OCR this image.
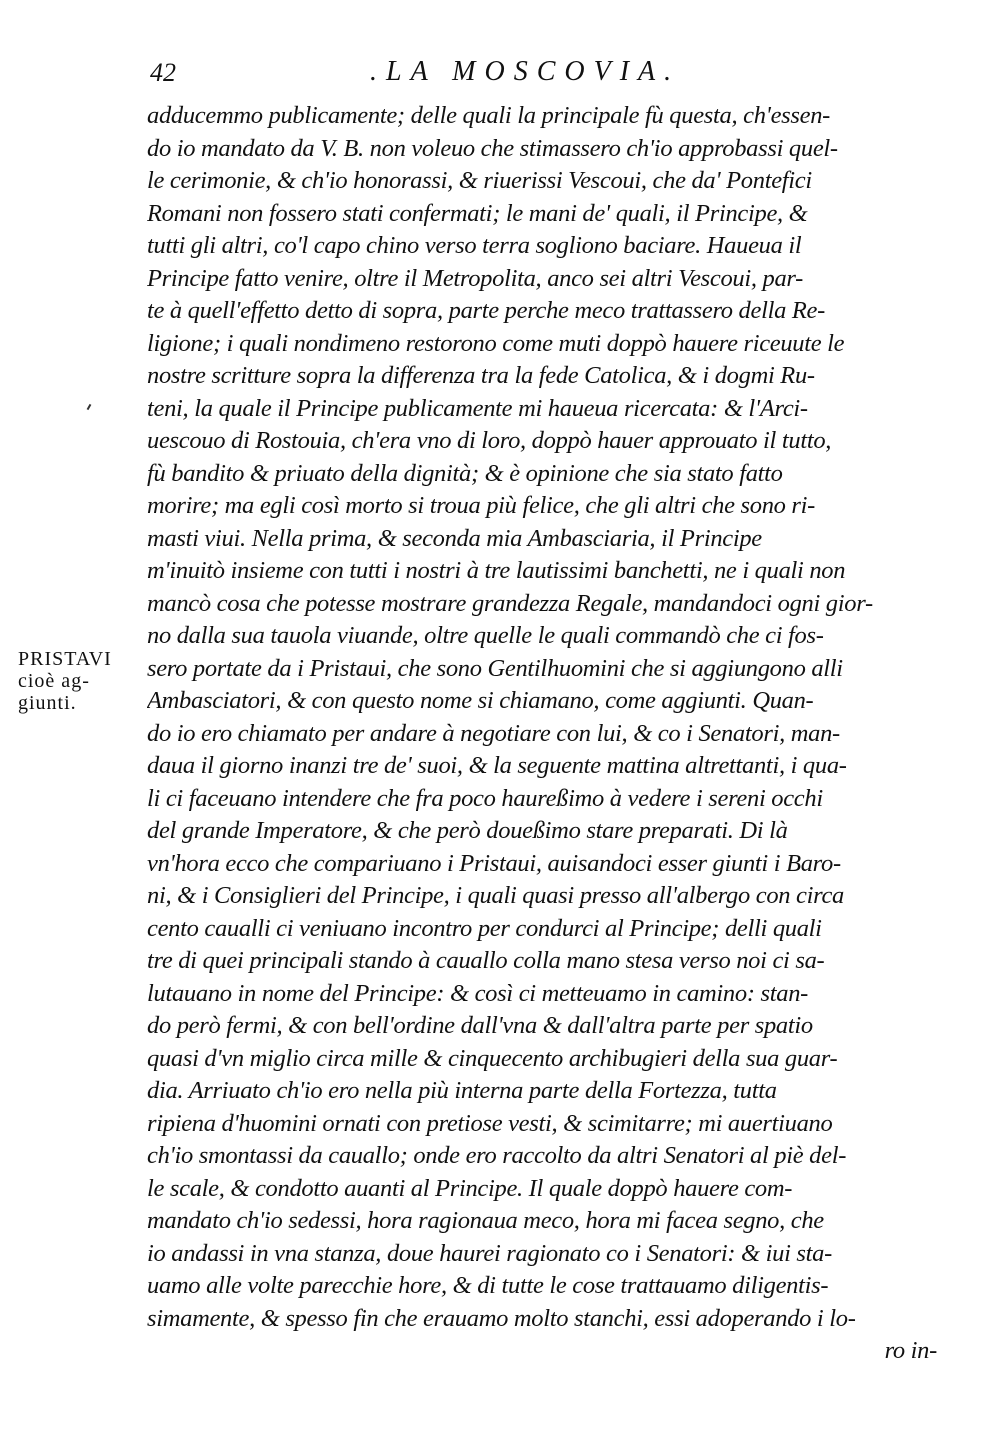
42	.LA MOSCOVIA.
PRISTAVI
cioè ag-
giunti.
adducemmo publicamente; delle quali la principale fù questa, ch'essen-
do io mandato da V. B. non voleuo che stimassero ch'io approbassi quel-
le cerimonie, & ch'io honorassi, & riuerissi Vescoui, che da' Pontefici
Romani non fossero stati confermati; le mani de' quali, il Principe, &
tutti gli altri, co'l capo chino verso terra sogliono baciare. Haueua il
Principe fatto venire, oltre il Metropolita, anco sei altri Vescoui, par-
te à quell'effetto detto di sopra, parte perche meco trattassero della Re-
ligione; i quali nondimeno restorono come muti doppò hauere riceuute le
nostre scritture sopra la differenza tra la fede Catolica, & i dogmi Ru-
teni, la quale il Principe publicamente mi haueua ricercata: & l'Arci-
uescouo di Rostouia, ch'era vno di loro, doppò hauer approuato il tutto,
fù bandito & priuato della dignità; & è opinione che sia stato fatto
morire; ma egli così morto si troua più felice, che gli altri che sono ri-
masti viui. Nella prima, & seconda mia Ambasciaria, il Principe
m'inuitò insieme con tutti i nostri à tre lautissimi banchetti, ne i quali non
mancò cosa che potesse mostrare grandezza Regale, mandandoci ogni gior-
no dalla sua tauola viuande, oltre quelle le quali commandò che ci fos-
sero portate da i Pristaui, che sono Gentilhuomini che si aggiungono alli
Ambasciatori, & con questo nome si chiamano, come aggiunti. Quan-
do io ero chiamato per andare à negotiare con lui, & co i Senatori, man-
daua il giorno inanzi tre de' suoi, & la seguente mattina altrettanti, i qua-
li ci faceuano intendere che fra poco haureßimo à vedere i sereni occhi
del grande Imperatore, & che però doueßimo stare preparati. Di là
vn'hora ecco che compariuano i Pristaui, auisandoci esser giunti i Baro-
ni, & i Consiglieri del Principe, i quali quasi presso all'albergo con circa
cento caualli ci veniuano incontro per condurci al Principe; delli quali
tre di quei principali stando à cauallo colla mano stesa verso noi ci sa-
lutauano in nome del Principe: & così ci metteuamo in camino: stan-
do però fermi, & con bell'ordine dall'vna & dall'altra parte per spatio
quasi d'vn miglio circa mille & cinquecento archibugieri della sua guar-
dia. Arriuato ch'io ero nella più interna parte della Fortezza, tutta
ripiena d'huomini ornati con pretiose vesti, & scimitarre; mi auertiuano
ch'io smontassi da cauallo; onde ero raccolto da altri Senatori al piè del-
le scale, & condotto auanti al Principe. Il quale doppò hauere com-
mandato ch'io sedessi, hora ragionaua meco, hora mi facea segno, che
io andassi in vna stanza, doue haurei ragionato co i Senatori: & iui sta-
uamo alle volte parecchie hore, & di tutte le cose trattauamo diligentis-
simamente, & spesso fin che erauamo molto stanchi, essi adoperando i lo-
ro in-
